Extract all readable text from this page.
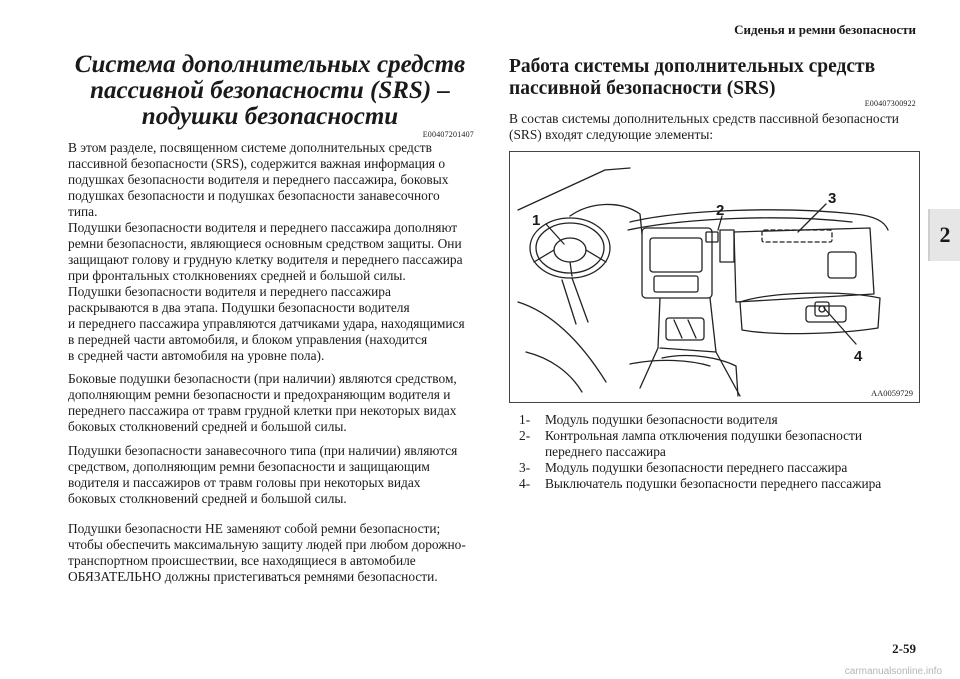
Сиденья и ремни безопасности
2
Система дополнительных средств
пассивной безопасности (SRS) –
подушки безопасности
E00407201407

В этом разделе, посвященном системе дополнительных средств

пассивной безопасности (SRS), содержится важная информация о

подушках безопасности водителя и переднего пассажира, боковых

подушках безопасности и подушках безопасности занавесочного

типа.

Подушки безопасности водителя и переднего пассажира дополняют

ремни безопасности, являющиеся основным средством защиты. Они

защищают голову и грудную клетку водителя и переднего пассажира

при фронтальных столкновениях средней и большой силы.

Подушки безопасности водителя и переднего пассажира

раскрываются в два этапа. Подушки безопасности водителя

и переднего пассажира управляются датчиками удара, находящимися

в передней части автомобиля, и блоком управления (находится

в средней части автомобиля на уровне пола).

Боковые подушки безопасности (при наличии) являются средством,

дополняющим ремни безопасности и предохраняющим водителя и

переднего пассажира от травм грудной клетки при некоторых видах

боковых столкновений средней и большой силы.

Подушки безопасности занавесочного типа (при наличии) являются

средством, дополняющим ремни безопасности и защищающим

водителя и пассажиров от травм головы при некоторых видах

боковых столкновений средней и большой силы.

Подушки безопасности НЕ заменяют собой ремни безопасности;

чтобы обеспечить максимальную защиту людей при любом дорожно-

транспортном происшествии, все находящиеся в автомобиле

ОБЯЗАТЕЛЬНО должны пристегиваться ремнями безопасности.

Работа системы дополнительных средств
пассивной безопасности (SRS)
E00407300922

В состав системы дополнительных средств пассивной безопасности

(SRS) входят следующие элементы:

1
2
3
4
AA0059729
1-	Модуль подушки безопасности водителя
2-	Контрольная лампа отключения подушки безопасности
переднего пассажира
3-	Модуль подушки безопасности переднего пассажира
4-	Выключатель подушки безопасности переднего пассажира
2-59
carmanualsonline.info
